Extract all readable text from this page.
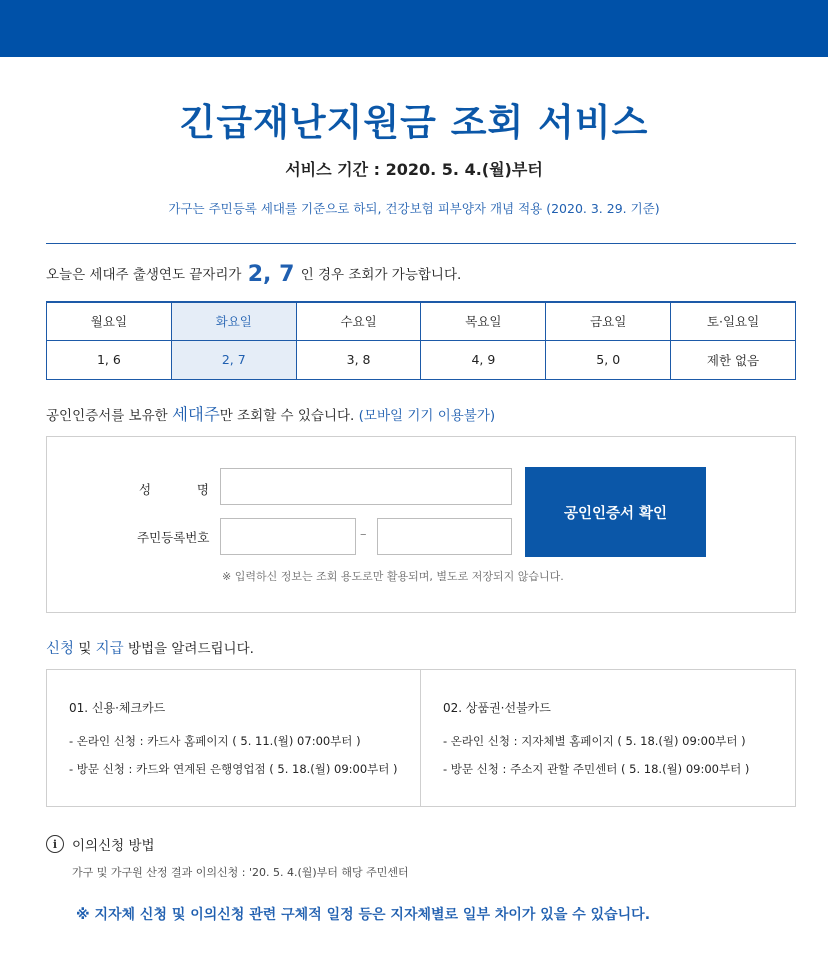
긴급재난지원금 조회 서비스
서비스 기간 : 2020. 5. 4.(월)부터
가구는 주민등록 세대를 기준으로 하되, 건강보험 피부양자 개념 적용 (2020. 3. 29. 기준)
오늘은 세대주 출생연도 끝자리가 2, 7 인 경우 조회가 가능합니다.
월요일	화요일	수요일	목요일	금요일	토·일요일
1, 6	2, 7	3, 8	4, 9	5, 0	제한 없음
공인인증서를 보유한 세대주만 조회할 수 있습니다. (모바일 기기 이용불가)
성	명
주민등록번호	–
공인인증서 확인
※ 입력하신 정보는 조회 용도로만 활용되며, 별도로 저장되지 않습니다.
신청 및 지급 방법을 알려드립니다.
01. 신용·체크카드
- 온라인 신청 : 카드사 홈페이지 ( 5. 11.(월) 07:00부터 )
- 방문 신청 : 카드와 연계된 은행영업점 ( 5. 18.(월) 09:00부터 )
02. 상품권·선불카드
- 온라인 신청 : 지자체별 홈페이지 ( 5. 18.(월) 09:00부터 )
- 방문 신청 : 주소지 관할 주민센터 ( 5. 18.(월) 09:00부터 )
i	이의신청 방법
가구 및 가구원 산정 결과 이의신청 : '20. 5. 4.(월)부터 해당 주민센터
※ 지자체 신청 및 이의신청 관련 구체적 일정 등은 지자체별로 일부 차이가 있을 수 있습니다.
